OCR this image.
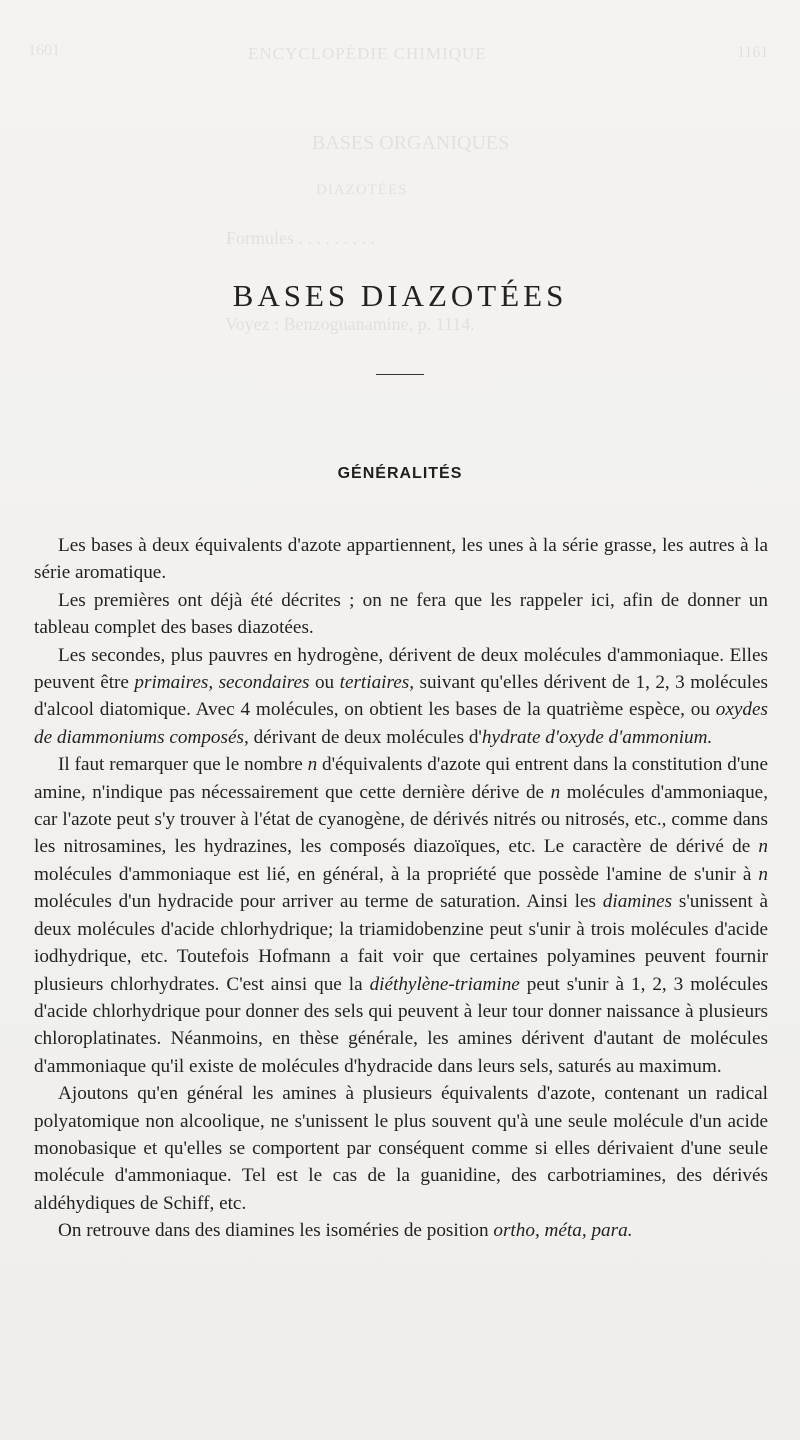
1601	1161
ENCYCLOPÉDIE CHIMIQUE
BASES ORGANIQUES
DIAZOTÉES
Formules . . . . . . . . .
Voyez : Benzoguanamine, p. 1114.
BASES DIAZOTÉES
GÉNÉRALITÉS

Les bases à deux équivalents d'azote appartiennent, les unes à la série grasse, les autres à la série aromatique.

Les premières ont déjà été décrites ; on ne fera que les rappeler ici, afin de donner un tableau complet des bases diazotées.

Les secondes, plus pauvres en hydrogène, dérivent de deux molécules d'ammoniaque. Elles peuvent être primaires, secondaires ou tertiaires, suivant qu'elles dérivent de 1, 2, 3 molécules d'alcool diatomique. Avec 4 molécules, on obtient les bases de la quatrième espèce, ou oxydes de diammoniums composés, dérivant de deux molécules d'hydrate d'oxyde d'ammonium.

Il faut remarquer que le nombre n d'équivalents d'azote qui entrent dans la constitution d'une amine, n'indique pas nécessairement que cette dernière dérive de n molécules d'ammoniaque, car l'azote peut s'y trouver à l'état de cyanogène, de dérivés nitrés ou nitrosés, etc., comme dans les nitrosamines, les hydrazines, les composés diazoïques, etc. Le caractère de dérivé de n molécules d'ammoniaque est lié, en général, à la propriété que possède l'amine de s'unir à n molécules d'un hydracide pour arriver au terme de saturation. Ainsi les diamines s'unissent à deux molécules d'acide chlorhydrique; la triamidobenzine peut s'unir à trois molécules d'acide iodhydrique, etc. Toutefois Hofmann a fait voir que certaines polyamines peuvent fournir plusieurs chlorhydrates. C'est ainsi que la diéthylène-triamine peut s'unir à 1, 2, 3 molécules d'acide chlorhydrique pour donner des sels qui peuvent à leur tour donner naissance à plusieurs chloroplatinates. Néanmoins, en thèse générale, les amines dérivent d'autant de molécules d'ammoniaque qu'il existe de molécules d'hydracide dans leurs sels, saturés au maximum.

Ajoutons qu'en général les amines à plusieurs équivalents d'azote, contenant un radical polyatomique non alcoolique, ne s'unissent le plus souvent qu'à une seule molécule d'un acide monobasique et qu'elles se comportent par conséquent comme si elles dérivaient d'une seule molécule d'ammoniaque. Tel est le cas de la guanidine, des carbotriamines, des dérivés aldéhydiques de Schiff, etc.

On retrouve dans des diamines les isoméries de position ortho, méta, para.
